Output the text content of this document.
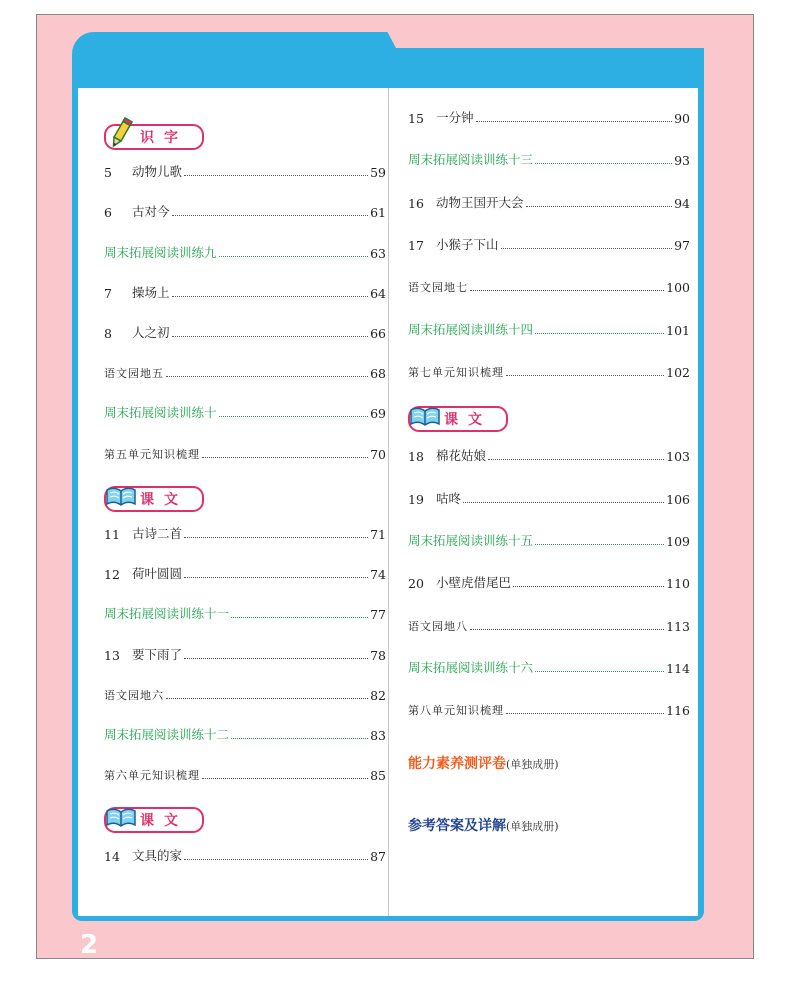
识字
5	动物儿歌	59
6	古对今	61
周末拓展阅读训练九	63
7	操场上	64
8	人之初	66
语文园地五	68
周末拓展阅读训练十	69
第五单元知识梳理	70
课文
11 古诗二首	71
12 荷叶圆圆	74
周末拓展阅读训练十一	77
13 要下雨了	78
语文园地六	82
周末拓展阅读训练十二	83
第六单元知识梳理	85
课文
14 文具的家	87
15 一分钟	90
周末拓展阅读训练十三	93
16 动物王国开大会	94
17 小猴子下山	97
语文园地七	100
周末拓展阅读训练十四	101
第七单元知识梳理	102
课文
18 棉花姑娘	103
19 咕咚	106
周末拓展阅读训练十五	109
20 小壁虎借尾巴	110
语文园地八	113
周末拓展阅读训练十六	114
第八单元知识梳理	116
能力素养测评卷(单独成册)
参考答案及详解(单独成册)
2
